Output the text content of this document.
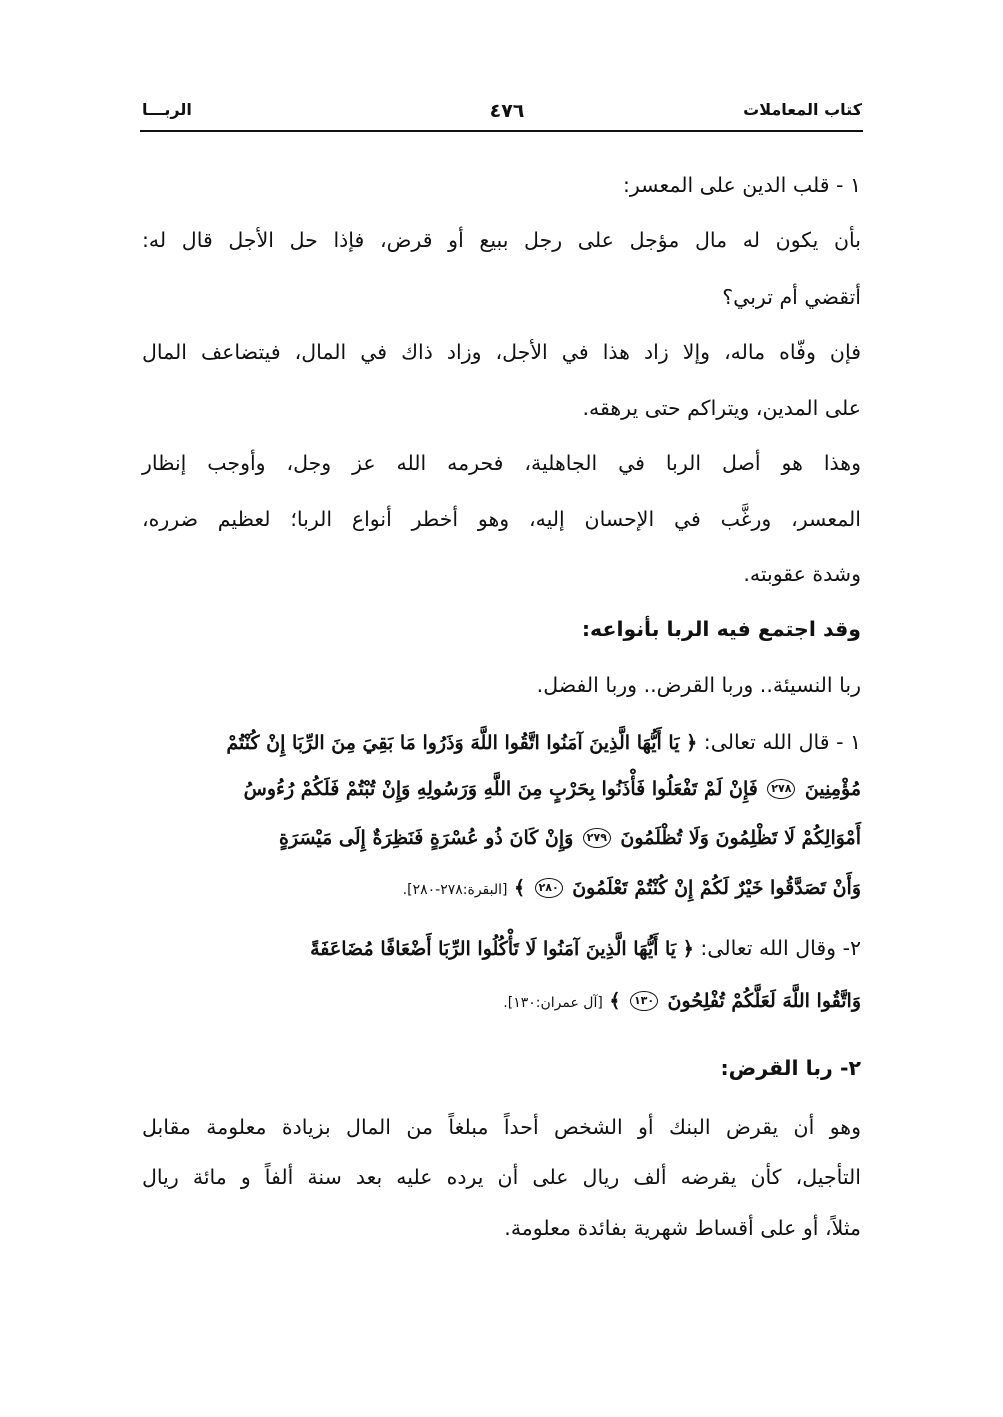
كتاب المعاملات
٤٧٦
الربـــا
١ - قلب الدين على المعسر:
بأن يكون له مال مؤجل على رجل ببيع أو قرض، فإذا حل الأجل قال له:
أتقضي أم تربي؟
فإن وفّاه ماله، وإلا زاد هذا في الأجل، وزاد ذاك في المال، فيتضاعف المال
على المدين، ويتراكم حتى يرهقه.
وهذا هو أصل الربا في الجاهلية، فحرمه الله عز وجل، وأوجب إنظار
المعسر، ورغَّب في الإحسان إليه، وهو أخطر أنواع الربا؛ لعظيم ضرره،
وشدة عقوبته.
وقد اجتمع فيه الربا بأنواعه:
ربا النسيئة.. وربا القرض.. وربا الفضل.
١ - قال الله تعالى: ﴿ يَا أَيُّهَا الَّذِينَ آمَنُوا اتَّقُوا اللَّهَ وَذَرُوا مَا بَقِيَ مِنَ الرِّبَا إِنْ كُنْتُمْ
مُؤْمِنِينَ ٢٧٨ فَإِنْ لَمْ تَفْعَلُوا فَأْذَنُوا بِحَرْبٍ مِنَ اللَّهِ وَرَسُولِهِ وَإِنْ تُبْتُمْ فَلَكُمْ رُءُوسُ
أَمْوَالِكُمْ لَا تَظْلِمُونَ وَلَا تُظْلَمُونَ ٢٧٩ وَإِنْ كَانَ ذُو عُسْرَةٍ فَنَظِرَةٌ إِلَى مَيْسَرَةٍ
وَأَنْ تَصَدَّقُوا خَيْرٌ لَكُمْ إِنْ كُنْتُمْ تَعْلَمُونَ ٢٨٠ ﴾ [البقرة:٢٧٨-٢٨٠].
٢- وقال الله تعالى: ﴿ يَا أَيُّهَا الَّذِينَ آمَنُوا لَا تَأْكُلُوا الرِّبَا أَضْعَافًا مُضَاعَفَةً
وَاتَّقُوا اللَّهَ لَعَلَّكُمْ تُفْلِحُونَ ١٣٠ ﴾ [آل عمران:١٣٠].
٢- ربا القرض:
وهو أن يقرض البنك أو الشخص أحداً مبلغاً من المال بزيادة معلومة مقابل
التأجيل، كأن يقرضه ألف ريال على أن يرده عليه بعد سنة ألفاً و مائة ريال
مثلاً، أو على أقساط شهرية بفائدة معلومة.
